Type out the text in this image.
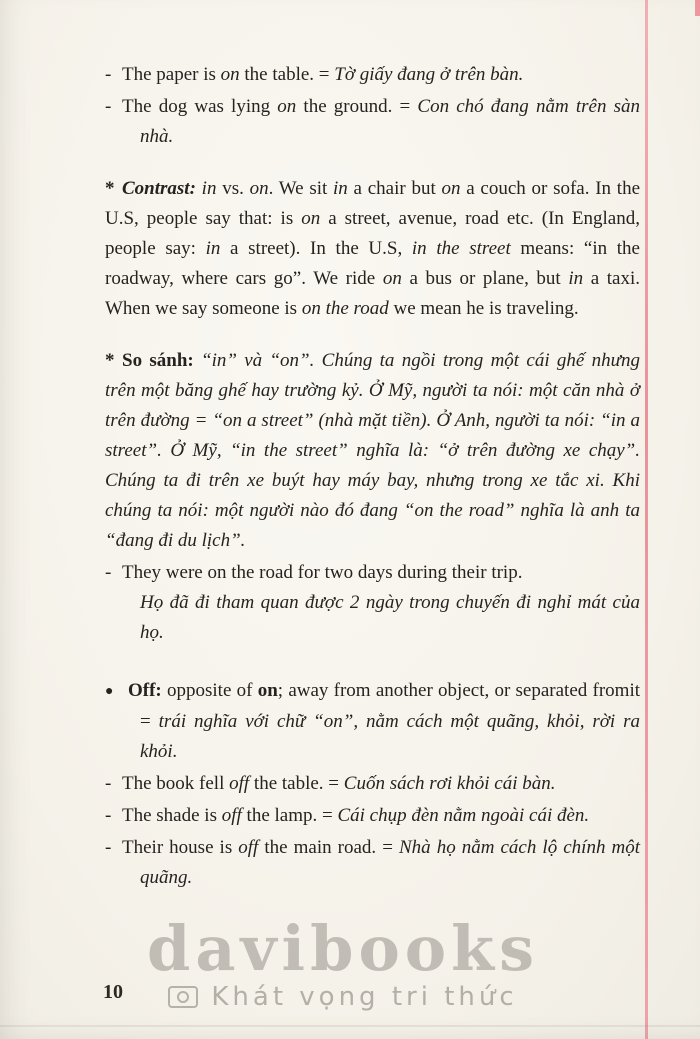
- The paper is on the table. = Tờ giấy đang ở trên bàn.
- The dog was lying on the ground. = Con chó đang nằm trên sàn nhà.
* Contrast: in vs. on. We sit in a chair but on a couch or sofa. In the U.S, people say that: is on a street, avenue, road etc. (In England, people say: in a street). In the U.S, in the street means: “in the roadway, where cars go”. We ride on a bus or plane, but in a taxi. When we say someone is on the road we mean he is traveling.
* So sánh: “in” và “on”. Chúng ta ngồi trong một cái ghế nhưng trên một băng ghế hay trường kỷ. Ở Mỹ, người ta nói: một căn nhà ở trên đường = “on a street” (nhà mặt tiền). Ở Anh, người ta nói: “in a street”. Ở Mỹ, “in the street” nghĩa là: “ở trên đường xe chạy”. Chúng ta đi trên xe buýt hay máy bay, nhưng trong xe tắc xi. Khi chúng ta nói: một người nào đó đang “on the road” nghĩa là anh ta “đang đi du lịch”.
- They were on the road for two days during their trip.
Họ đã đi tham quan được 2 ngày trong chuyến đi nghỉ mát của họ.
● Off: opposite of on; away from another object, or separated fromit = trái nghĩa với chữ “on”, nằm cách một quãng, khỏi, rời ra khỏi.
- The book fell off the table. = Cuốn sách rơi khỏi cái bàn.
- The shade is off the lamp. = Cái chụp đèn nằm ngoài cái đèn.
- Their house is off the main road. = Nhà họ nằm cách lộ chính một quãng.
davibooks
Khát vọng tri thức
10
